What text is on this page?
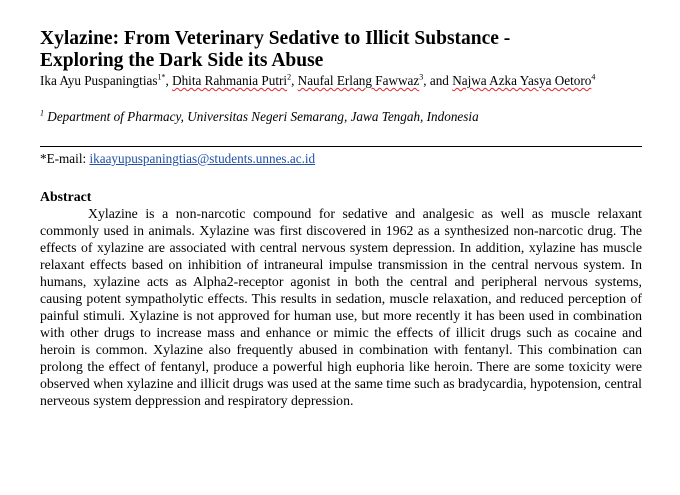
Xylazine: From Veterinary Sedative to Illicit Substance -
Exploring the Dark Side its Abuse
Ika Ayu Puspaningtias$^{1*}$, Dhita Rahmania Putri$^2$, Naufal Erlang Fawwaz$^3$, and Najwa Azka Yasya Oetoro$^4$
$^1$ Department of Pharmacy, Universitas Negeri Semarang, Jawa Tengah, Indonesia
*E-mail: ikaayupuspaningtias@students.unnes.ac.id
Abstract

Xylazine is a non-narcotic compound for sedative and analgesic as well as muscle relaxant commonly used in animals. Xylazine was first discovered in 1962 as a synthesized non-narcotic drug. The effects of xylazine are associated with central nervous system depression. In addition, xylazine has muscle relaxant effects based on inhibition of intraneural impulse transmission in the central nervous system. In humans, xylazine acts as Alpha2-receptor agonist in both the central and peripheral nervous systems, causing potent sympatholytic effects. This results in sedation, muscle relaxation, and reduced perception of painful stimuli. Xylazine is not approved for human use, but more recently it has been used in combination with other drugs to increase mass and enhance or mimic the effects of illicit drugs such as cocaine and heroin is common. Xylazine also frequently abused in combination with fentanyl. This combination can prolong the effect of fentanyl, produce a powerful high euphoria like heroin. There are some toxicity were observed when xylazine and illicit drugs was used at the same time such as bradycardia, hypotension, central nerveous system deppression and respiratory depression.
